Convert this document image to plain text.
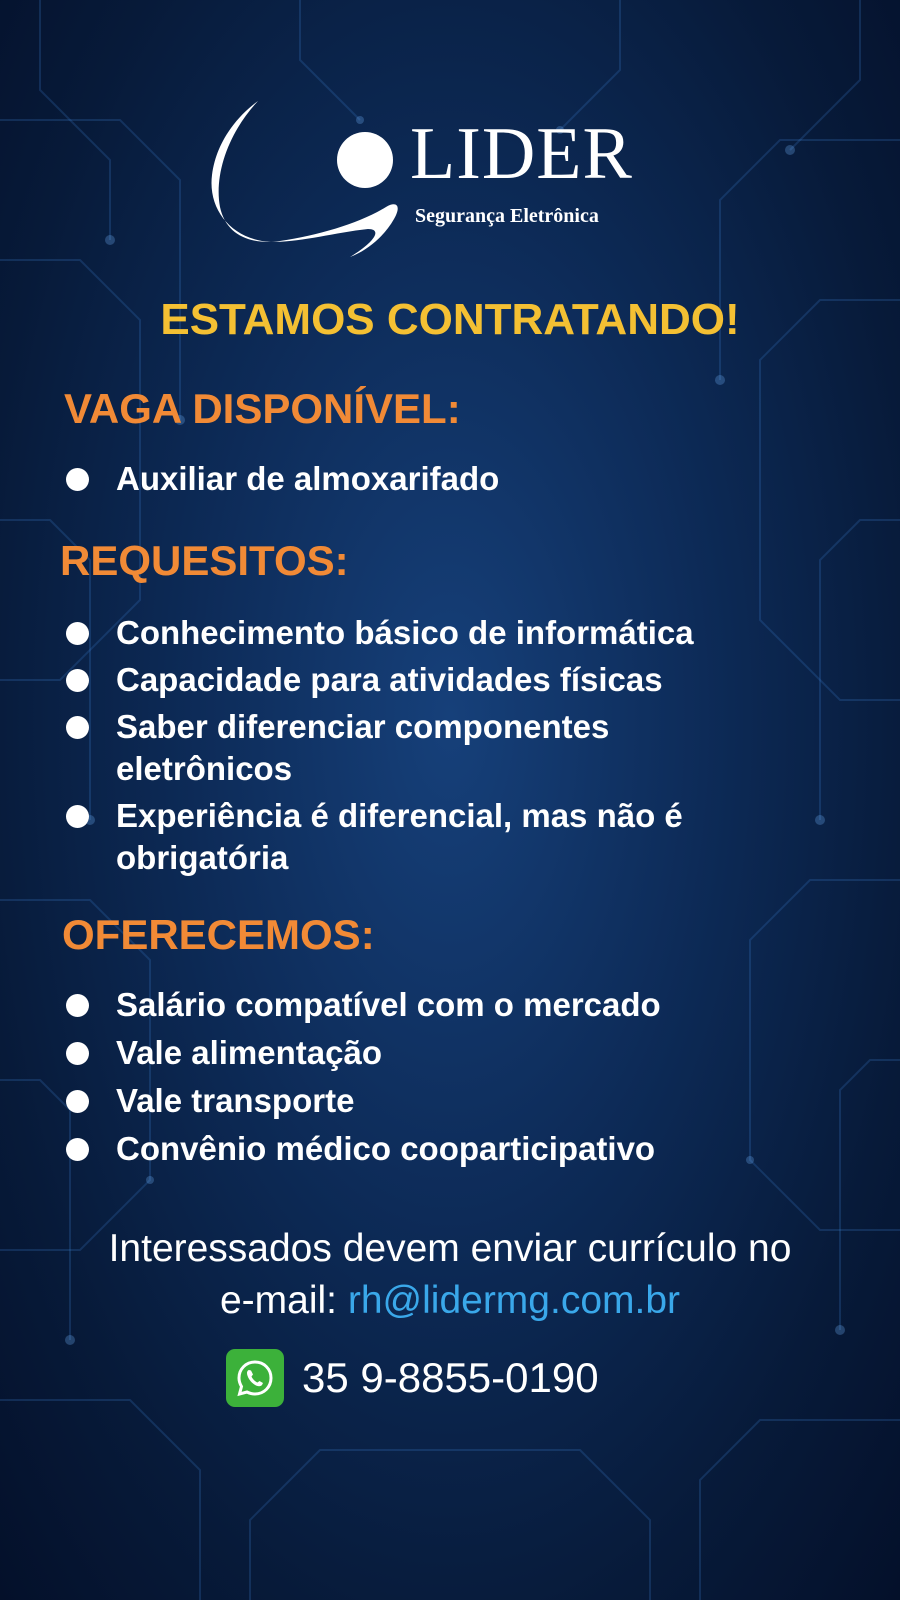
LIDER
Segurança Eletrônica
ESTAMOS CONTRATANDO!
VAGA DISPONÍVEL:
Auxiliar de almoxarifado
REQUESITOS:
Conhecimento básico de informática
Capacidade para atividades físicas
Saber diferenciar componentes eletrônicos
Experiência é diferencial, mas não é obrigatória
OFERECEMOS:
Salário compatível com o mercado
Vale alimentação
Vale transporte
Convênio médico cooparticipativo
Interessados devem enviar currículo no
e-mail: rh@lidermg.com.br
35 9-8855-0190
